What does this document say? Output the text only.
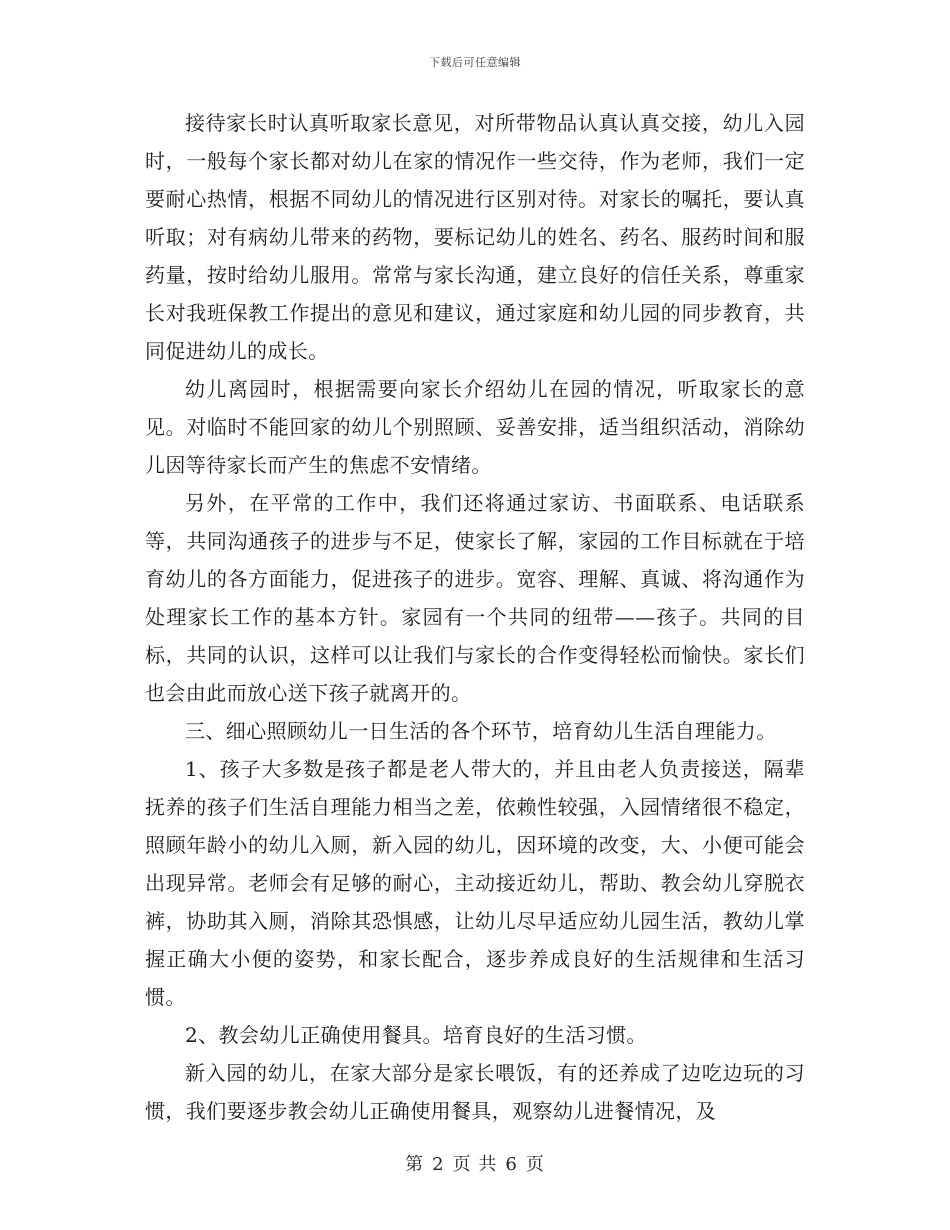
下载后可任意编辑

接待家长时认真听取家长意见，对所带物品认真认真交接，幼儿入园时，一般每个家长都对幼儿在家的情况作一些交待，作为老师，我们一定要耐心热情，根据不同幼儿的情况进行区别对待。对家长的嘱托，要认真听取；对有病幼儿带来的药物，要标记幼儿的姓名、药名、服药时间和服药量，按时给幼儿服用。常常与家长沟通，建立良好的信任关系，尊重家长对我班保教工作提出的意见和建议，通过家庭和幼儿园的同步教育，共同促进幼儿的成长。

幼儿离园时，根据需要向家长介绍幼儿在园的情况，听取家长的意见。对临时不能回家的幼儿个别照顾、妥善安排，适当组织活动，消除幼儿因等待家长而产生的焦虑不安情绪。

另外，在平常的工作中，我们还将通过家访、书面联系、电话联系等，共同沟通孩子的进步与不足，使家长了解，家园的工作目标就在于培育幼儿的各方面能力，促进孩子的进步。宽容、理解、真诚、将沟通作为处理家长工作的基本方针。家园有一个共同的纽带——孩子。共同的目标，共同的认识，这样可以让我们与家长的合作变得轻松而愉快。家长们也会由此而放心送下孩子就离开的。

三、细心照顾幼儿一日生活的各个环节，培育幼儿生活自理能力。

1、孩子大多数是孩子都是老人带大的，并且由老人负责接送，隔辈抚养的孩子们生活自理能力相当之差，依赖性较强，入园情绪很不稳定，照顾年龄小的幼儿入厕，新入园的幼儿，因环境的改变，大、小便可能会出现异常。老师会有足够的耐心，主动接近幼儿，帮助、教会幼儿穿脱衣裤，协助其入厕，消除其恐惧感，让幼儿尽早适应幼儿园生活，教幼儿掌握正确大小便的姿势，和家长配合，逐步养成良好的生活规律和生活习惯。

2、教会幼儿正确使用餐具。培育良好的生活习惯。

新入园的幼儿，在家大部分是家长喂饭，有的还养成了边吃边玩的习惯，我们要逐步教会幼儿正确使用餐具，观察幼儿进餐情况，及

第 2 页 共 6 页
